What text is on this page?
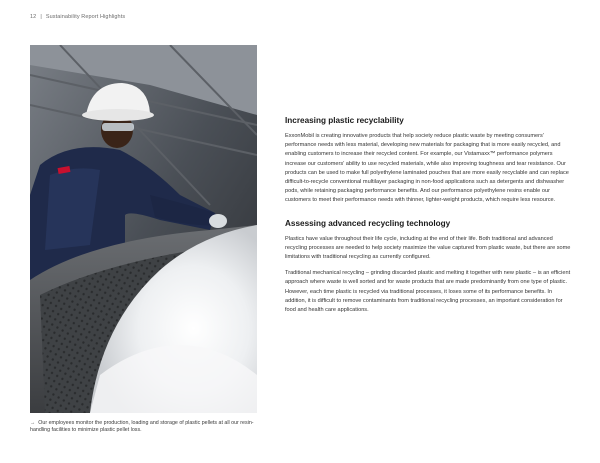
12 | Sustainability Report Highlights
→ Our employees monitor the production, loading and storage of plastic pellets at all our resin-handling facilities to minimize plastic pellet loss.
Increasing plastic recyclability

ExxonMobil is creating innovative products that help society reduce plastic waste by meeting consumers’ performance needs with less material, developing new materials for packaging that is more easily recycled, and enabling customers to increase their recycled content. For example, our Vistamaxx™ performance polymers increase our customers’ ability to use recycled materials, while also improving toughness and tear resistance. Our products can be used to make full polyethylene laminated pouches that are more easily recyclable and can replace difficult-to-recycle conventional multilayer packaging in non-food applications such as detergents and dishwasher pods, while retaining packaging performance benefits. And our performance polyethylene resins enable our customers to meet their performance needs with thinner, lighter-weight products, which require less resource.

Assessing advanced recycling technology

Plastics have value throughout their life cycle, including at the end of their life. Both traditional and advanced recycling processes are needed to help society maximize the value captured from plastic waste, but there are some limitations with traditional recycling as currently configured.

Traditional mechanical recycling – grinding discarded plastic and melting it together with new plastic – is an efficient approach where waste is well sorted and for waste products that are made predominantly from one type of plastic. However, each time plastic is recycled via traditional processes, it loses some of its performance benefits. In addition, it is difficult to remove contaminants from traditional recycling processes, an important consideration for food and health care applications.
